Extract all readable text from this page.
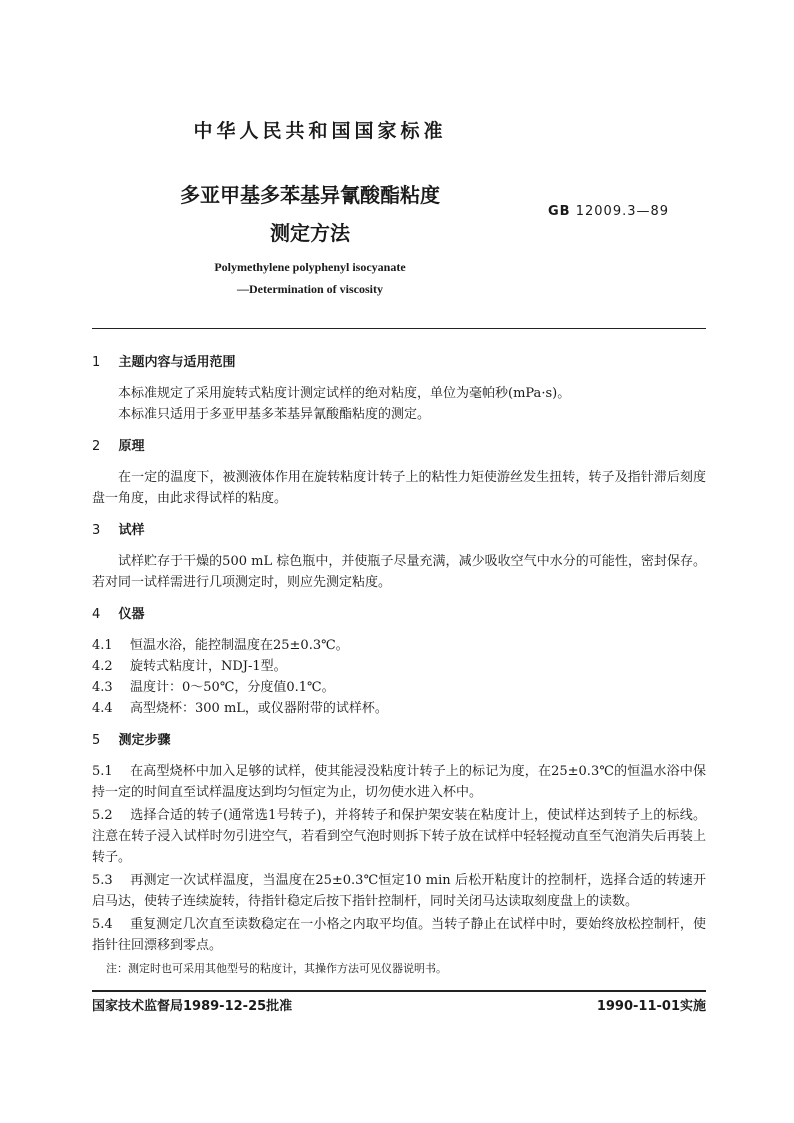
中华人民共和国国家标准
多亚甲基多苯基异氰酸酯粘度
测定方法
GB 12009.3—89
Polymethylene polyphenyl isocyanate
—Determination of viscosity
1 主题内容与适用范围

本标准规定了采用旋转式粘度计测定试样的绝对粘度，单位为毫帕秒(mPa·s)。

本标准只适用于多亚甲基多苯基异氰酸酯粘度的测定。

2 原理

在一定的温度下，被测液体作用在旋转粘度计转子上的粘性力矩使游丝发生扭转，转子及指针滞后刻度盘一角度，由此求得试样的粘度。

3 试样

试样贮存于干燥的500 mL 棕色瓶中，并使瓶子尽量充满，减少吸收空气中水分的可能性，密封保存。若对同一试样需进行几项测定时，则应先测定粘度。

4 仪器
4.1	恒温水浴，能控制温度在25±0.3℃。
4.2	旋转式粘度计，NDJ-1型。
4.3	温度计：0～50℃，分度值0.1℃。
4.4	高型烧杯：300 mL，或仪器附带的试样杯。
5 测定步骤

5.1 在高型烧杯中加入足够的试样，使其能浸没粘度计转子上的标记为度，在25±0.3℃的恒温水浴中保持一定的时间直至试样温度达到均匀恒定为止，切勿使水进入杯中。

5.2 选择合适的转子(通常选1号转子)，并将转子和保护架安装在粘度计上，使试样达到转子上的标线。注意在转子浸入试样时勿引进空气，若看到空气泡时则拆下转子放在试样中轻轻搅动直至气泡消失后再装上转子。

5.3 再测定一次试样温度，当温度在25±0.3℃恒定10 min 后松开粘度计的控制杆，选择合适的转速开启马达，使转子连续旋转，待指针稳定后按下指针控制杆，同时关闭马达读取刻度盘上的读数。

5.4 重复测定几次直至读数稳定在一小格之内取平均值。当转子静止在试样中时，要始终放松控制杆，使指针往回漂移到零点。

注：测定时也可采用其他型号的粘度计，其操作方法可见仪器说明书。
国家技术监督局1989-12-25批准	1990-11-01实施
